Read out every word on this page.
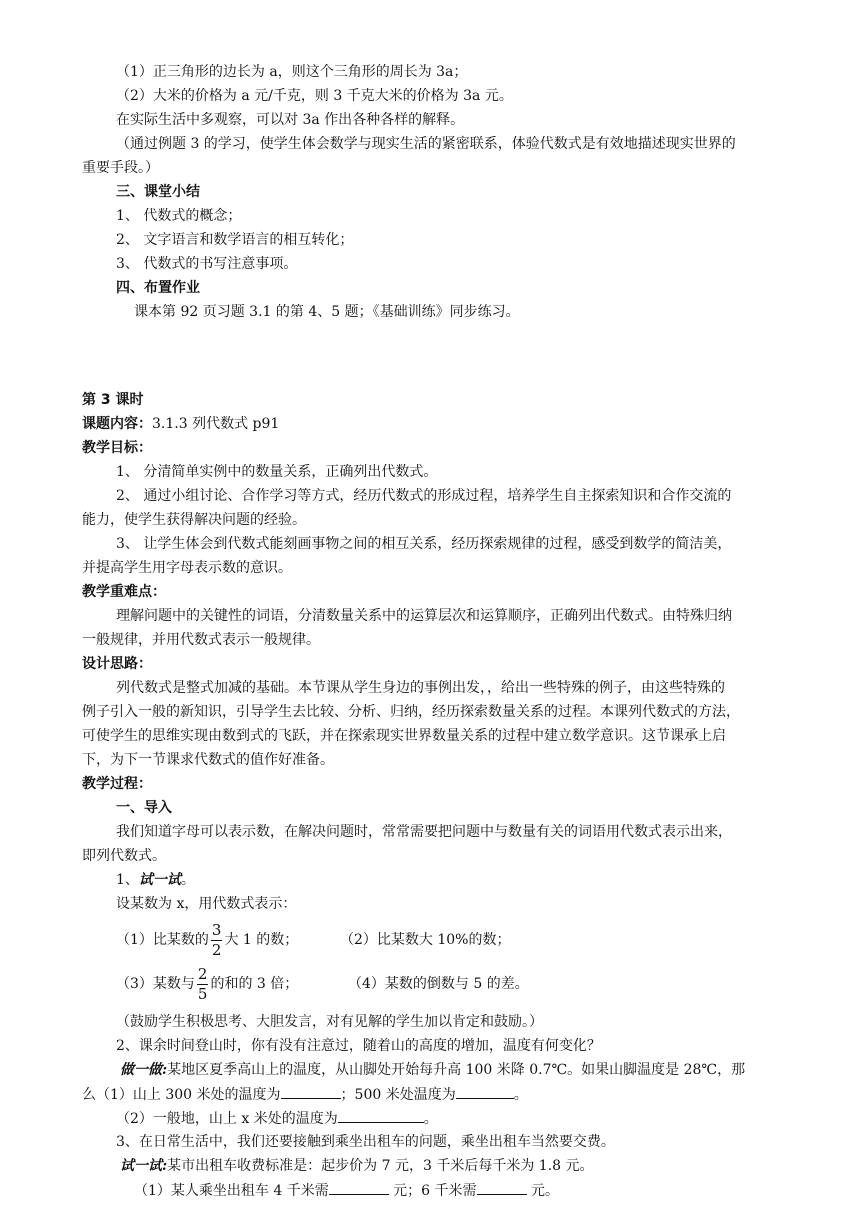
（1）正三角形的边长为 a，则这个三角形的周长为 3a；
（2）大米的价格为 a 元/千克，则 3 千克大米的价格为 3a 元。
在实际生活中多观察，可以对 3a 作出各种各样的解释。
（通过例题 3 的学习，使学生体会数学与现实生活的紧密联系，体验代数式是有效地描述现实世界的
重要手段。）
三、课堂小结
1、 代数式的概念；
2、 文字语言和数学语言的相互转化；
3、 代数式的书写注意事项。
四、布置作业
课本第 92 页习题 3.1 的第 4、5 题；《基础训练》同步练习。
第 3 课时
课题内容：3.1.3 列代数式 p91
教学目标：
1、 分清简单实例中的数量关系，正确列出代数式。
2、 通过小组讨论、合作学习等方式，经历代数式的形成过程，培养学生自主探索知识和合作交流的
能力，使学生获得解决问题的经验。
3、 让学生体会到代数式能刻画事物之间的相互关系，经历探索规律的过程，感受到数学的简洁美，
并提高学生用字母表示数的意识。
教学重难点：
理解问题中的关键性的词语，分清数量关系中的运算层次和运算顺序，正确列出代数式。由特殊归纳
一般规律，并用代数式表示一般规律。
设计思路：
列代数式是整式加减的基础。本节课从学生身边的事例出发，，给出一些特殊的例子，由这些特殊的
例子引入一般的新知识，引导学生去比较、分析、归纳，经历探索数量关系的过程。本课列代数式的方法，
可使学生的思维实现由数到式的飞跃，并在探索现实世界数量关系的过程中建立数学意识。这节课承上启
下，为下一节课求代数式的值作好准备。
教学过程：
一、导入
我们知道字母可以表示数，在解决问题时，常常需要把问题中与数量有关的词语用代数式表示出来，
即列代数式。
1、试一试。
设某数为 x，用代数式表示：
（1）比某数的 $\frac{3}{2}$ 大 1 的数；	（2）比某数大 10%的数；
（3）某数与 $\frac{2}{5}$ 的和的 3 倍；	（4）某数的倒数与 5 的差。
（鼓励学生积极思考、大胆发言，对有见解的学生加以肯定和鼓励。）
2、课余时间登山时，你有没有注意过，随着山的高度的增加，温度有何变化？
做一做:某地区夏季高山上的温度，从山脚处开始每升高 100 米降 0.7℃。如果山脚温度是 28℃，那
么（1）山上 300 米处的温度为	；500 米处温度为	。
（2）一般地，山上 x 米处的温度为	。
3、在日常生活中，我们还要接触到乘坐出租车的问题，乘坐出租车当然要交费。
试一试:某市出租车收费标准是：起步价为 7 元，3 千米后每千米为 1.8 元。
（1）某人乘坐出租车 4 千米需	元；6 千米需	元。
